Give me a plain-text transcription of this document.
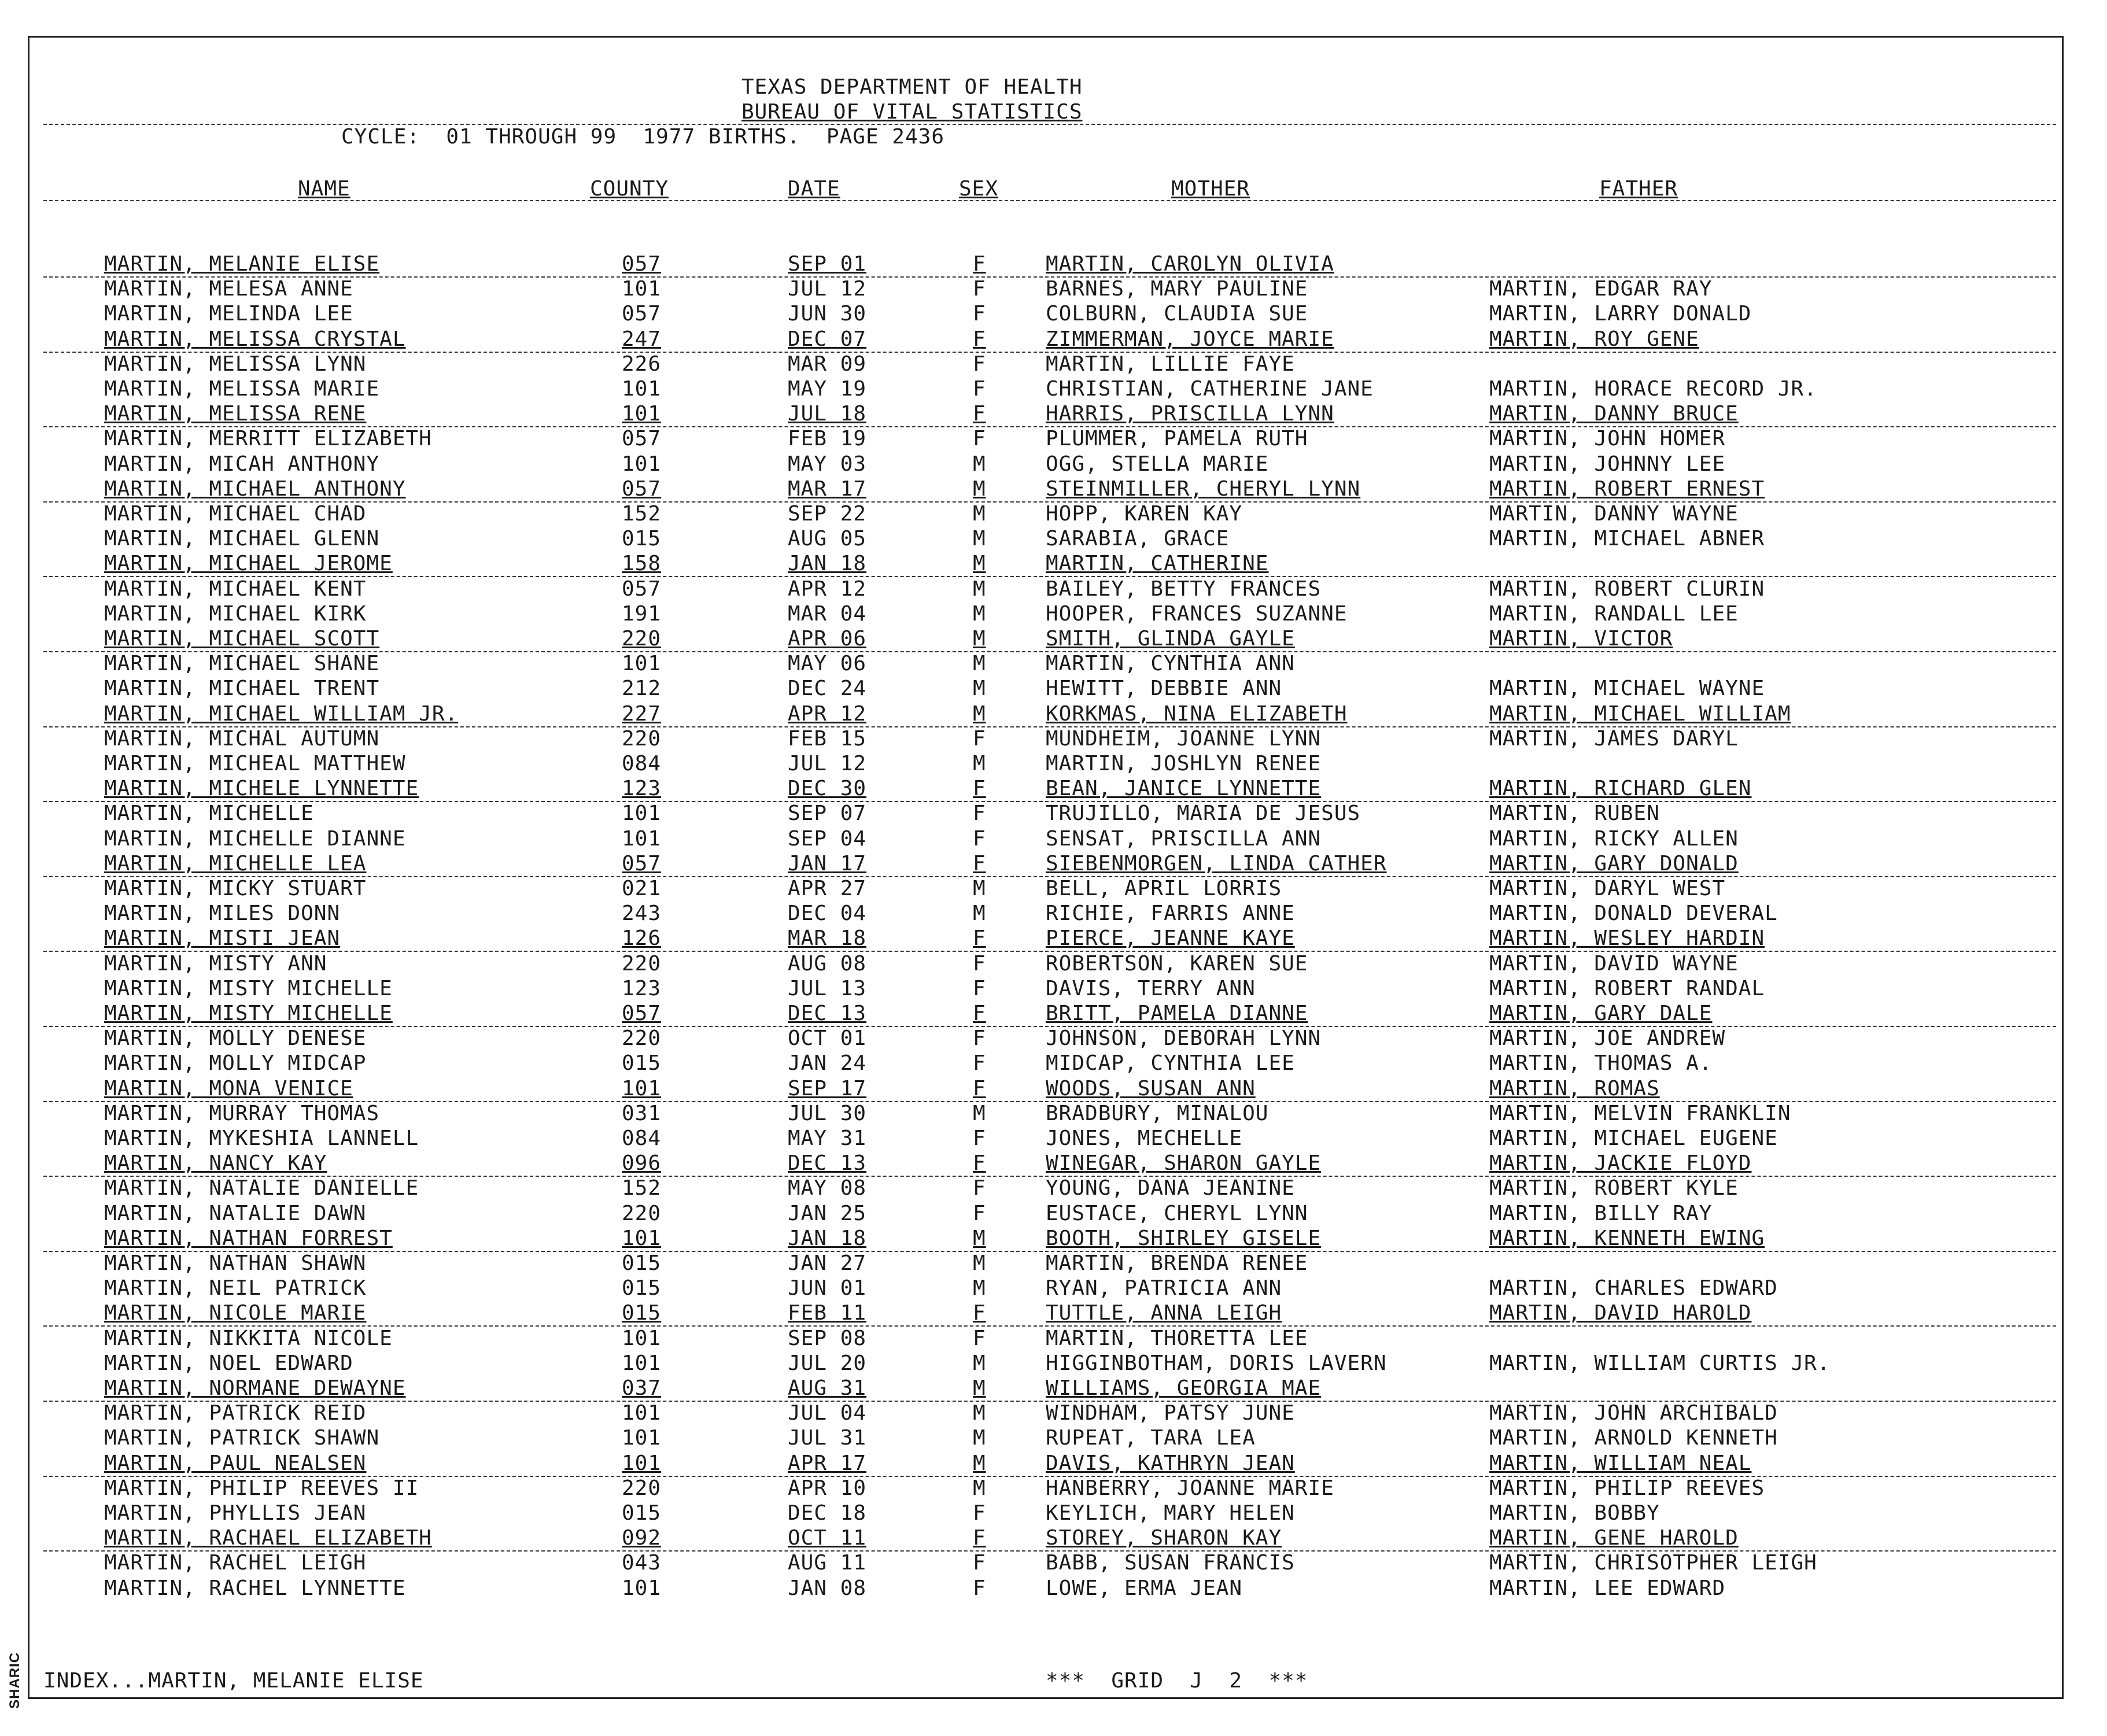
SHARIC
TEXAS DEPARTMENT OF HEALTH
BUREAU OF VITAL STATISTICS
CYCLE:  01 THROUGH 99  1977 BIRTHS.  PAGE 2436
NAME	COUNTY	DATE	SEX	MOTHER	FATHER
MARTIN, MELANIE ELISE	057	SEP 01	F	MARTIN, CAROLYN OLIVIA
MARTIN, MELESA ANNE	101	JUL 12	F	BARNES, MARY PAULINE	MARTIN, EDGAR RAY
MARTIN, MELINDA LEE	057	JUN 30	F	COLBURN, CLAUDIA SUE	MARTIN, LARRY DONALD
MARTIN, MELISSA CRYSTAL	247	DEC 07	F	ZIMMERMAN, JOYCE MARIE	MARTIN, ROY GENE
MARTIN, MELISSA LYNN	226	MAR 09	F	MARTIN, LILLIE FAYE
MARTIN, MELISSA MARIE	101	MAY 19	F	CHRISTIAN, CATHERINE JANE	MARTIN, HORACE RECORD JR.
MARTIN, MELISSA RENE	101	JUL 18	F	HARRIS, PRISCILLA LYNN	MARTIN, DANNY BRUCE
MARTIN, MERRITT ELIZABETH	057	FEB 19	F	PLUMMER, PAMELA RUTH	MARTIN, JOHN HOMER
MARTIN, MICAH ANTHONY	101	MAY 03	M	OGG, STELLA MARIE	MARTIN, JOHNNY LEE
MARTIN, MICHAEL ANTHONY	057	MAR 17	M	STEINMILLER, CHERYL LYNN	MARTIN, ROBERT ERNEST
MARTIN, MICHAEL CHAD	152	SEP 22	M	HOPP, KAREN KAY	MARTIN, DANNY WAYNE
MARTIN, MICHAEL GLENN	015	AUG 05	M	SARABIA, GRACE	MARTIN, MICHAEL ABNER
MARTIN, MICHAEL JEROME	158	JAN 18	M	MARTIN, CATHERINE
MARTIN, MICHAEL KENT	057	APR 12	M	BAILEY, BETTY FRANCES	MARTIN, ROBERT CLURIN
MARTIN, MICHAEL KIRK	191	MAR 04	M	HOOPER, FRANCES SUZANNE	MARTIN, RANDALL LEE
MARTIN, MICHAEL SCOTT	220	APR 06	M	SMITH, GLINDA GAYLE	MARTIN, VICTOR
MARTIN, MICHAEL SHANE	101	MAY 06	M	MARTIN, CYNTHIA ANN
MARTIN, MICHAEL TRENT	212	DEC 24	M	HEWITT, DEBBIE ANN	MARTIN, MICHAEL WAYNE
MARTIN, MICHAEL WILLIAM JR.	227	APR 12	M	KORKMAS, NINA ELIZABETH	MARTIN, MICHAEL WILLIAM
MARTIN, MICHAL AUTUMN	220	FEB 15	F	MUNDHEIM, JOANNE LYNN	MARTIN, JAMES DARYL
MARTIN, MICHEAL MATTHEW	084	JUL 12	M	MARTIN, JOSHLYN RENEE
MARTIN, MICHELE LYNNETTE	123	DEC 30	F	BEAN, JANICE LYNNETTE	MARTIN, RICHARD GLEN
MARTIN, MICHELLE	101	SEP 07	F	TRUJILLO, MARIA DE JESUS	MARTIN, RUBEN
MARTIN, MICHELLE DIANNE	101	SEP 04	F	SENSAT, PRISCILLA ANN	MARTIN, RICKY ALLEN
MARTIN, MICHELLE LEA	057	JAN 17	F	SIEBENMORGEN, LINDA CATHER	MARTIN, GARY DONALD
MARTIN, MICKY STUART	021	APR 27	M	BELL, APRIL LORRIS	MARTIN, DARYL WEST
MARTIN, MILES DONN	243	DEC 04	M	RICHIE, FARRIS ANNE	MARTIN, DONALD DEVERAL
MARTIN, MISTI JEAN	126	MAR 18	F	PIERCE, JEANNE KAYE	MARTIN, WESLEY HARDIN
MARTIN, MISTY ANN	220	AUG 08	F	ROBERTSON, KAREN SUE	MARTIN, DAVID WAYNE
MARTIN, MISTY MICHELLE	123	JUL 13	F	DAVIS, TERRY ANN	MARTIN, ROBERT RANDAL
MARTIN, MISTY MICHELLE	057	DEC 13	F	BRITT, PAMELA DIANNE	MARTIN, GARY DALE
MARTIN, MOLLY DENESE	220	OCT 01	F	JOHNSON, DEBORAH LYNN	MARTIN, JOE ANDREW
MARTIN, MOLLY MIDCAP	015	JAN 24	F	MIDCAP, CYNTHIA LEE	MARTIN, THOMAS A.
MARTIN, MONA VENICE	101	SEP 17	F	WOODS, SUSAN ANN	MARTIN, ROMAS
MARTIN, MURRAY THOMAS	031	JUL 30	M	BRADBURY, MINALOU	MARTIN, MELVIN FRANKLIN
MARTIN, MYKESHIA LANNELL	084	MAY 31	F	JONES, MECHELLE	MARTIN, MICHAEL EUGENE
MARTIN, NANCY KAY	096	DEC 13	F	WINEGAR, SHARON GAYLE	MARTIN, JACKIE FLOYD
MARTIN, NATALIE DANIELLE	152	MAY 08	F	YOUNG, DANA JEANINE	MARTIN, ROBERT KYLE
MARTIN, NATALIE DAWN	220	JAN 25	F	EUSTACE, CHERYL LYNN	MARTIN, BILLY RAY
MARTIN, NATHAN FORREST	101	JAN 18	M	BOOTH, SHIRLEY GISELE	MARTIN, KENNETH EWING
MARTIN, NATHAN SHAWN	015	JAN 27	M	MARTIN, BRENDA RENEE
MARTIN, NEIL PATRICK	015	JUN 01	M	RYAN, PATRICIA ANN	MARTIN, CHARLES EDWARD
MARTIN, NICOLE MARIE	015	FEB 11	F	TUTTLE, ANNA LEIGH	MARTIN, DAVID HAROLD
MARTIN, NIKKITA NICOLE	101	SEP 08	F	MARTIN, THORETTA LEE
MARTIN, NOEL EDWARD	101	JUL 20	M	HIGGINBOTHAM, DORIS LAVERN	MARTIN, WILLIAM CURTIS JR.
MARTIN, NORMANE DEWAYNE	037	AUG 31	M	WILLIAMS, GEORGIA MAE
MARTIN, PATRICK REID	101	JUL 04	M	WINDHAM, PATSY JUNE	MARTIN, JOHN ARCHIBALD
MARTIN, PATRICK SHAWN	101	JUL 31	M	RUPEAT, TARA LEA	MARTIN, ARNOLD KENNETH
MARTIN, PAUL NEALSEN	101	APR 17	M	DAVIS, KATHRYN JEAN	MARTIN, WILLIAM NEAL
MARTIN, PHILIP REEVES II	220	APR 10	M	HANBERRY, JOANNE MARIE	MARTIN, PHILIP REEVES
MARTIN, PHYLLIS JEAN	015	DEC 18	F	KEYLICH, MARY HELEN	MARTIN, BOBBY
MARTIN, RACHAEL ELIZABETH	092	OCT 11	F	STOREY, SHARON KAY	MARTIN, GENE HAROLD
MARTIN, RACHEL LEIGH	043	AUG 11	F	BABB, SUSAN FRANCIS	MARTIN, CHRISOTPHER LEIGH
MARTIN, RACHEL LYNNETTE	101	JAN 08	F	LOWE, ERMA JEAN	MARTIN, LEE EDWARD
INDEX...MARTIN, MELANIE ELISE	***  GRID  J  2  ***
